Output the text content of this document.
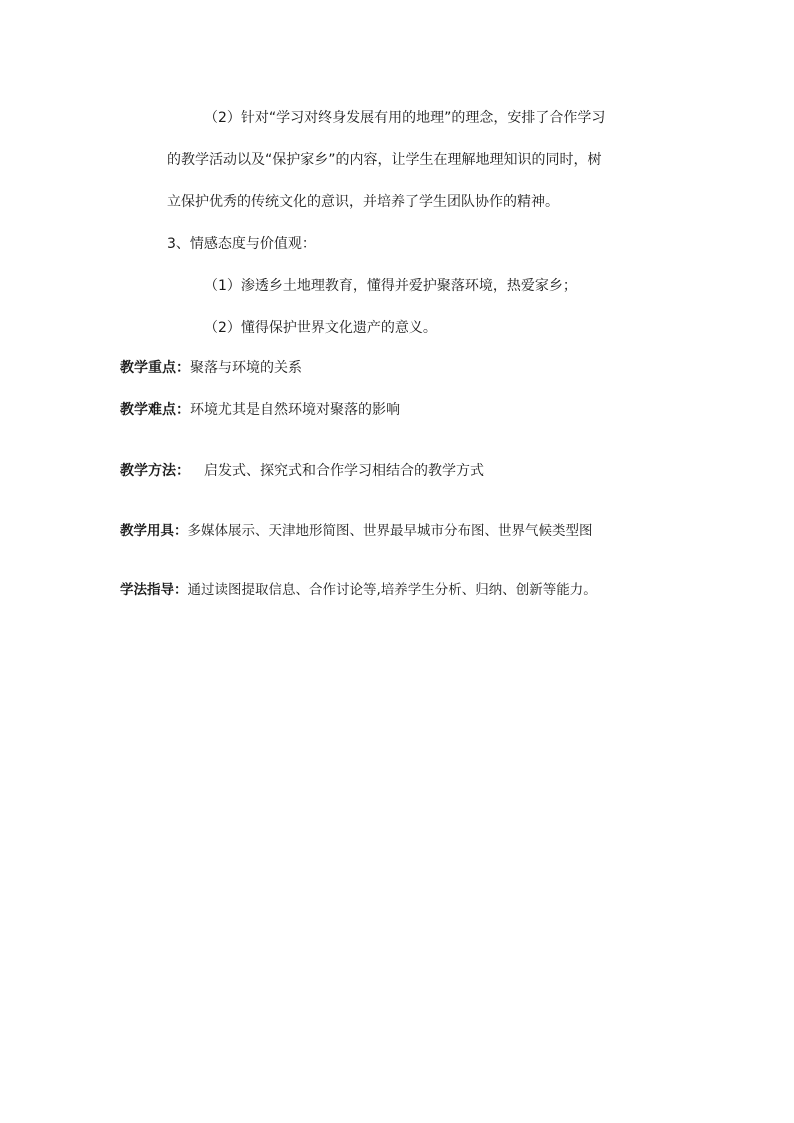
（2）针对“学习对终身发展有用的地理”的理念，安排了合作学习
的教学活动以及“保护家乡”的内容，让学生在理解地理知识的同时，树
立保护优秀的传统文化的意识，并培养了学生团队协作的精神。
3、情感态度与价值观：
（1）渗透乡土地理教育，懂得并爱护聚落环境，热爱家乡；
（2）懂得保护世界文化遗产的意义。
教学重点：聚落与环境的关系
教学难点：环境尤其是自然环境对聚落的影响
教学方法： 启发式、探究式和合作学习相结合的教学方式
教学用具：多媒体展示、天津地形简图、世界最早城市分布图、世界气候类型图
学法指导：通过读图提取信息、合作讨论等,培养学生分析、归纳、创新等能力。
